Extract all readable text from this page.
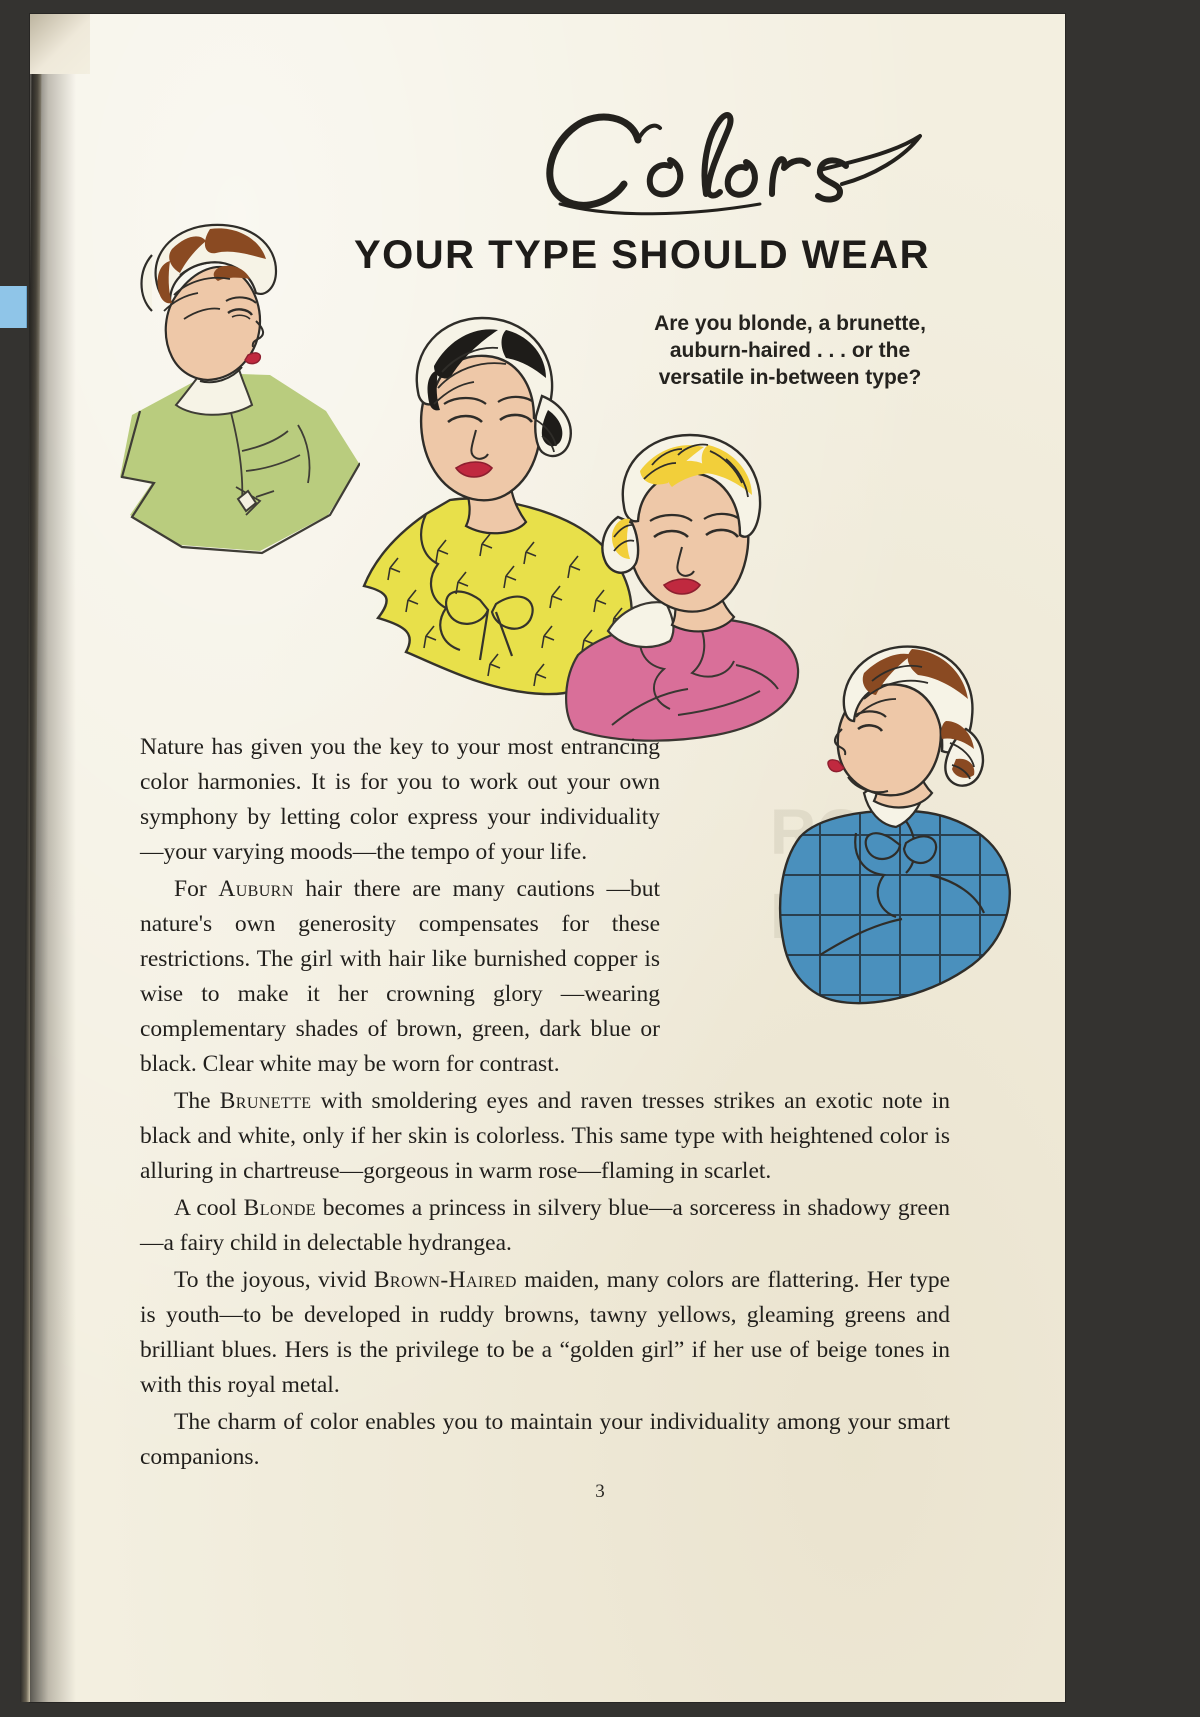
YOUR TYPE SHOULD WEAR
Are you blonde, a brunette,
auburn-haired . . . or the
versatile in-between type?

Nature has given you the key to your most entrancing color harmonies. It is for you to work out your own symphony by letting color express your individuality—your varying moods—the tempo of your life.

For Auburn hair there are many cautions —but nature's own generosity compensates for these restrictions. The girl with hair like burnished copper is wise to make it her crowning glory —wearing complementary shades of brown, green, dark blue or black. Clear white may be worn for contrast.

The Brunette with smoldering eyes and raven tresses strikes an exotic note in black and white, only if her skin is colorless. This same type with heightened color is alluring in chartreuse—gorgeous in warm rose—flaming in scarlet.

A cool Blonde becomes a princess in silvery blue—a sorceress in shadowy green—a fairy child in delectable hydrangea.

To the joyous, vivid Brown-Haired maiden, many colors are flattering. Her type is youth—to be developed in ruddy browns, tawny yellows, gleaming greens and brilliant blues. Hers is the privilege to be a “golden girl” if her use of beige tones in with this royal metal.

The charm of color enables you to maintain your individuality among your smart companions.

3
